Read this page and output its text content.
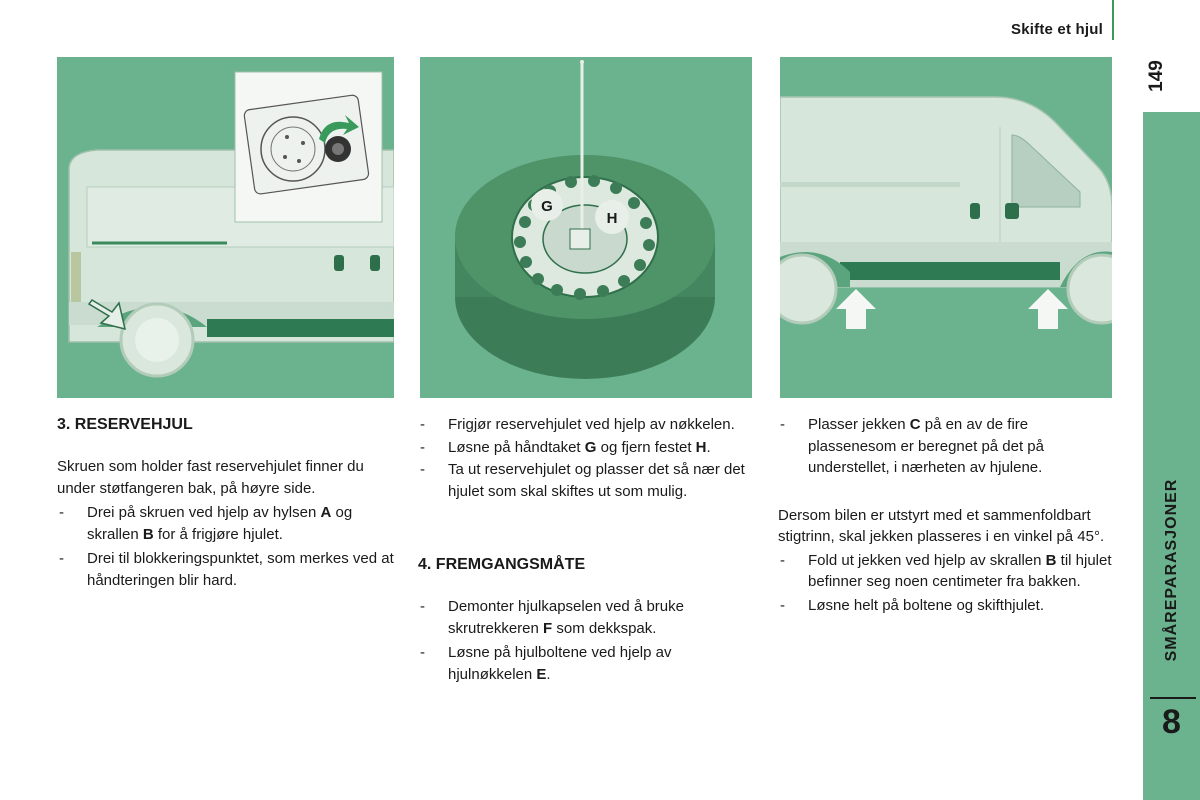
Skifte et hjul
149
SMÅREPARASJONER
8
G
H

3. RESERVEHJUL

Skruen som holder fast reservehjulet finner du under støtfangeren bak, på høyre side.

- Drei på skruen ved hjelp av hylsen A og skrallen B for å frigjøre hjulet.
- Drei til blokkeringspunktet, som merkes ved at håndteringen blir hard.
- Frigjør reservehjulet ved hjelp av nøkkelen.
- Løsne på håndtaket G og fjern festet H.
- Ta ut reservehjulet og plasser det så nær det hjulet som skal skiftes ut som mulig.

4. FREMGANGSMÅTE

- Demonter hjulkapselen ved å bruke skrutrekkeren F som dekkspak.
- Løsne på hjulboltene ved hjelp av hjulnøkkelen E.
- Plasser jekken C på en av de fire plassenesom er beregnet på det på understellet, i nærheten av hjulene.

Dersom bilen er utstyrt med et sammenfoldbart stigtrinn, skal jekken plasseres i en vinkel på 45°.

- Fold ut jekken ved hjelp av skrallen B til hjulet befinner seg noen centimeter fra bakken.
- Løsne helt på boltene og skifthjulet.
